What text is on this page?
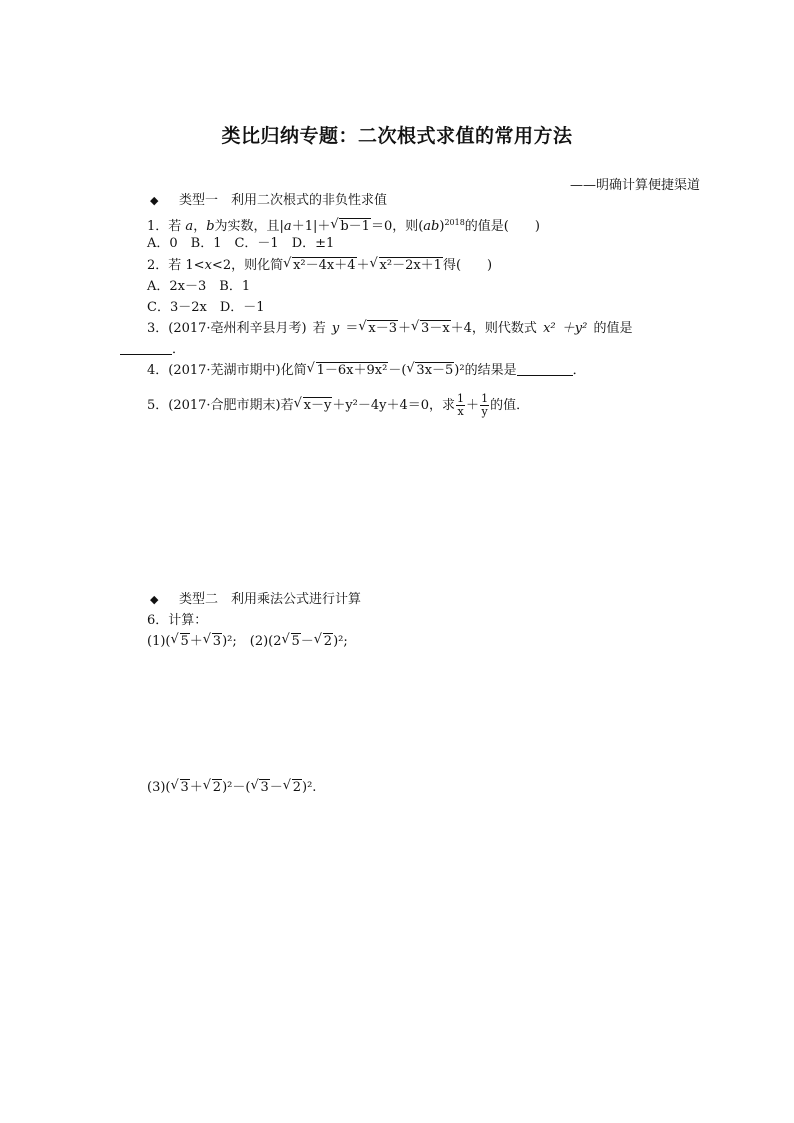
类比归纳专题：二次根式求值的常用方法
——明确计算便捷渠道
◆ 类型一　利用二次根式的非负性求值
1．若 a，b为实数，且|a＋1|＋ √ b－1＝0，则(ab)$^{2018}$的值是(　　)
A．0　B．1　C．－1　D．±1
2．若 1<x<2，则化简 √ x²－4x＋4＋ √ x²－2x＋1得(　　)
A．2x－3　B．1
C．3－2x　D．－1
3．(2017·亳州利辛县月考) 若 y ＝ √ x－3＋ √ 3－x＋4，则代数式 x² ＋y² 的值是
．
4．(2017·芜湖市期中)化简 √ 1－6x＋9x²－( √ 3x－5)²的结果是	．
5．(2017·合肥市期末)若 √ x－y＋y²－4y＋4＝0，求 $\frac{1}{x} + \frac{1}{y}$ 的值．
◆ 类型二　利用乘法公式进行计算
6．计算：
(1)( √ 5＋ √ 3)²;　(2)(2 √ 5－ √ 2)²;
(3)( √ 3＋ √ 2)²－( √ 3－ √ 2)².
